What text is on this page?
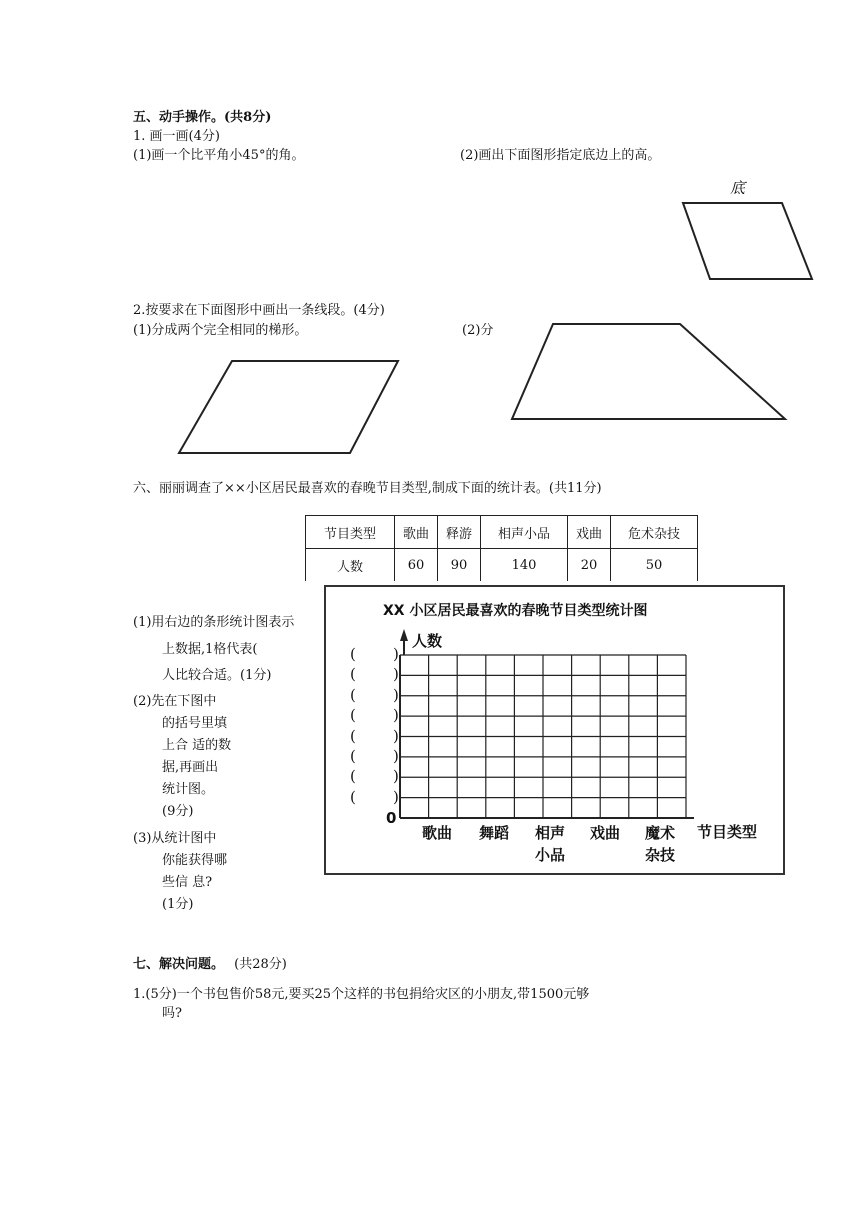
五、动手操作。(共8分)
1. 画一画(4分)
(1)画一个比平角小45°的角。	(2)画出下面图形指定底边上的高。
底
2.按要求在下面图形中画出一条线段。(4分)
(1)分成两个完全相同的梯形。	(2)分
六、丽丽调查了××小区居民最喜欢的春晚节目类型,制成下面的统计表。(共11分)
节目类型	歌曲	释游	相声小品	戏曲	危术杂技
人数	60	90	140	20	50
(1)用右边的条形统计图表示
上数据,1格代表(
人比较合适。(1分)
(2)先在下图中
的括号里填
上合 适的数
据,再画出
统计图。
(9分)
(3)从统计图中
你能获得哪
些信 息?
(1分)
XX 小区居民最喜欢的春晚节目类型统计图
人数
0
节目类型
( )
( )
( )
( )
( )
( )
( )
( )
歌曲 舞蹈 相声
小品
戏曲 魔术
杂技
七、解决问题。 (共28分)
1.(5分)一个书包售价58元,要买25个这样的书包捐给灾区的小朋友,带1500元够
吗?
